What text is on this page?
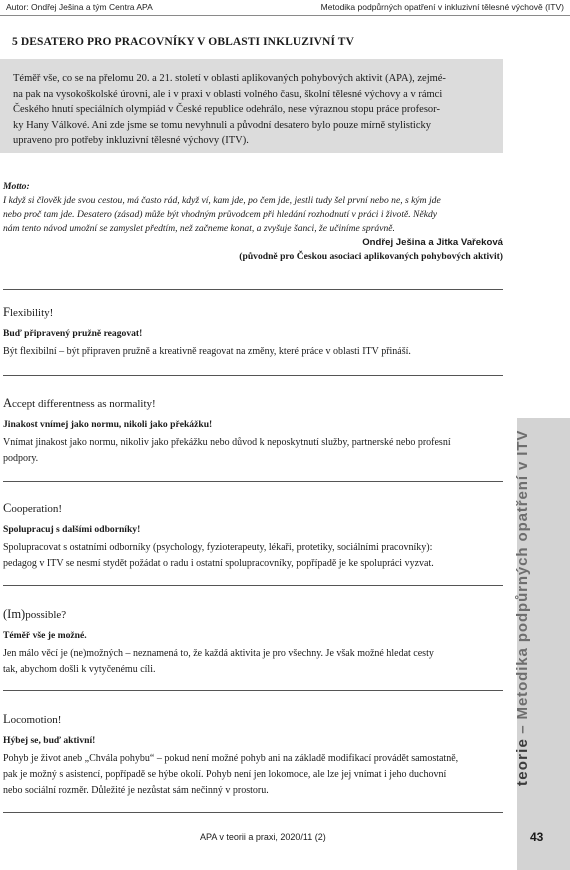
Autor: Ondřej Ješina a tým Centra APA	Metodika podpůrných opatření v inkluzivní tělesné výchově (ITV)
5 DESATERO PRO PRACOVNÍKY V OBLASTI INKLUZIVNÍ TV
Téměř vše, co se na přelomu 20. a 21. století v oblasti aplikovaných pohybových aktivit (APA), zejmé-
na pak na vysokoškolské úrovni, ale i v praxi v oblasti volného času, školní tělesné výchovy a v rámci
Českého hnutí speciálních olympiád v České republice odehrálo, nese výraznou stopu práce profesor-
ky Hany Válkové. Ani zde jsme se tomu nevyhnuli a původní desatero bylo pouze mírně stylisticky
upraveno pro potřeby inkluzivní tělesné výchovy (ITV).
Motto:
I když si člověk jde svou cestou, má často rád, když ví, kam jde, po čem jde, jestli tudy šel první nebo ne, s kým jde
nebo proč tam jde. Desatero (zásad) může být vhodným průvodcem při hledání rozhodnutí v práci i životě. Někdy
nám tento návod umožní se zamyslet předtím, než začneme konat, a zvyšuje šanci, že učiníme správně.
Ondřej Ješina a Jitka Vařeková
(původně pro Českou asociaci aplikovaných pohybových aktivit)
Flexibility!
Buď připravený pružně reagovat!
Být flexibilní – být připraven pružně a kreativně reagovat na změny, které práce v oblasti ITV přináší.
Accept differentness as normality!
Jinakost vnímej jako normu, nikoli jako překážku!
Vnímat jinakost jako normu, nikoliv jako překážku nebo důvod k neposkytnutí služby, partnerské nebo profesní
podpory.
Cooperation!
Spolupracuj s dalšími odborníky!
Spolupracovat s ostatními odborníky (psychology, fyzioterapeuty, lékaři, protetiky, sociálními pracovníky):
pedagog v ITV se nesmí stydět požádat o radu i ostatní spolupracovníky, popřípadě je ke spolupráci vyzvat.
(Im)possible?
Téměř vše je možné.
Jen málo věcí je (ne)možných – neznamená to, že každá aktivita je pro všechny. Je však možné hledat cesty
tak, abychom došli k vytyčenému cíli.
Locomotion!
Hýbej se, buď aktivní!
Pohyb je život aneb „Chvála pohybu“ – pokud není možné pohyb ani na základě modifikací provádět samostatně,
pak je možný s asistencí, popřípadě se hýbe okolí. Pohyb není jen lokomoce, ale lze jej vnímat i jeho duchovní
nebo sociální rozměr. Důležité je nezůstat sám nečinný v prostoru.
teorie – Metodika podpůrných opatření v ITV
APA v teorii a praxi, 2020/11 (2)	43
